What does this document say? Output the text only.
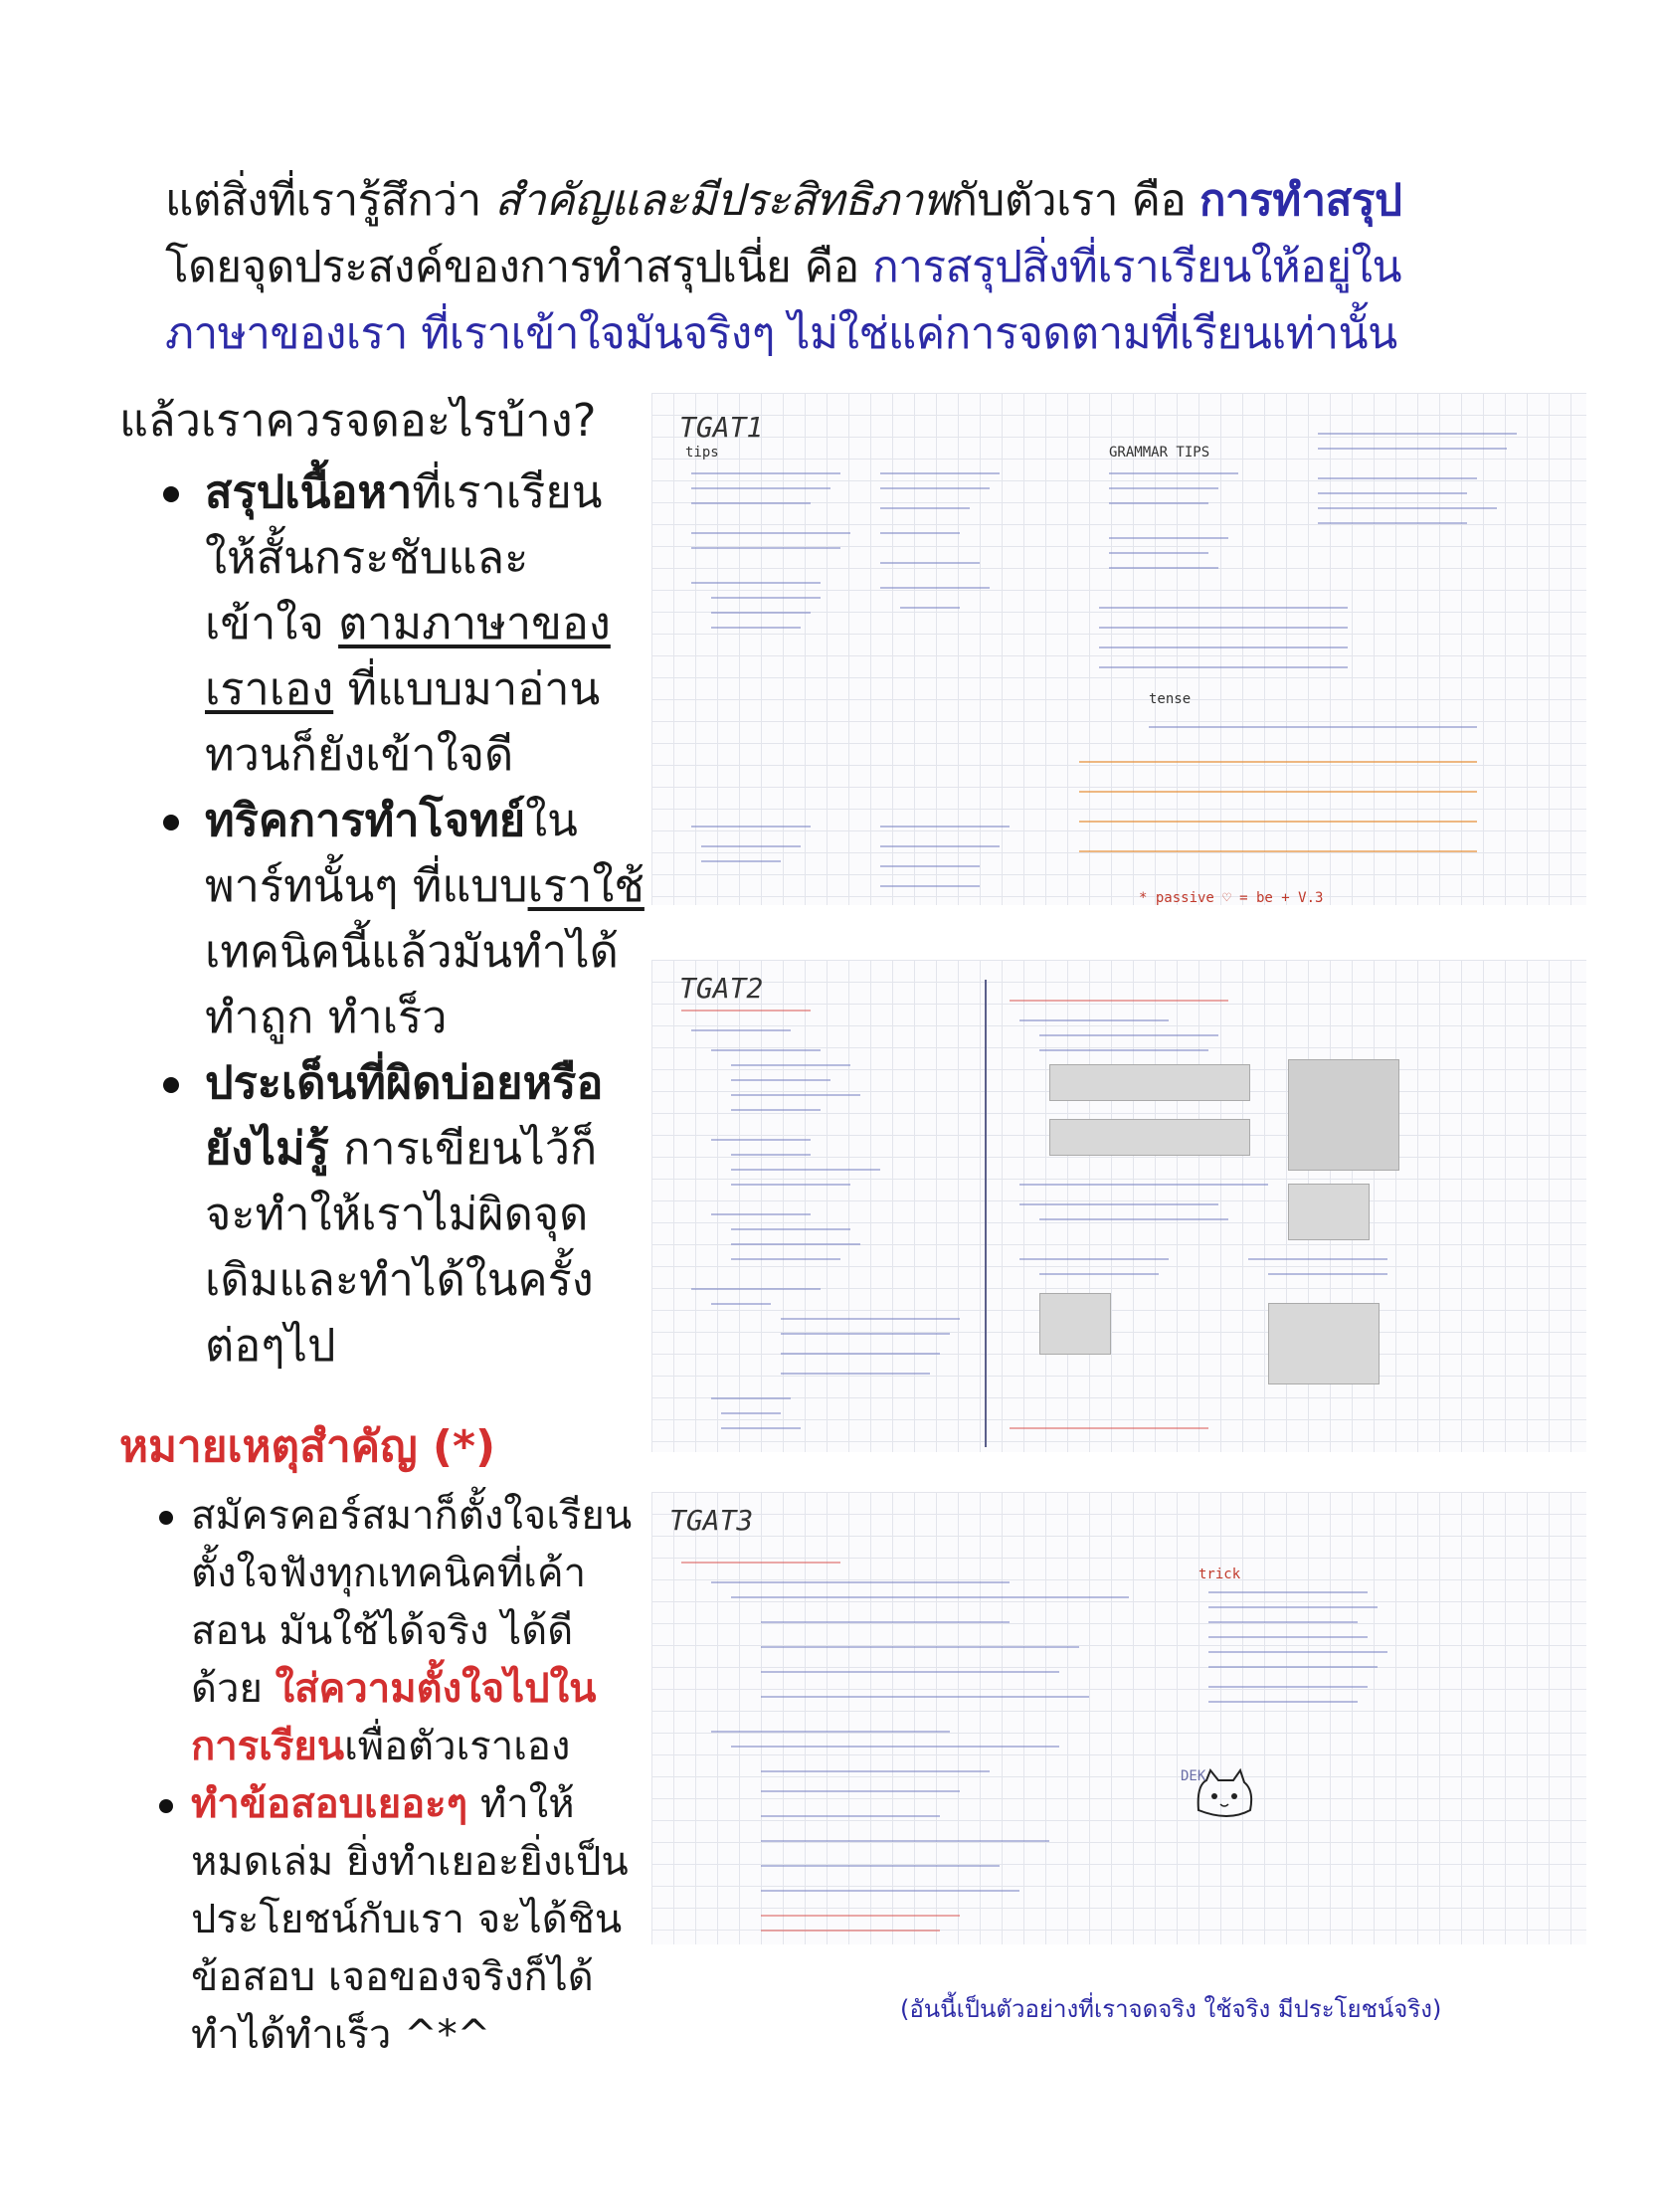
แต่สิ่งที่เรารู้สึกว่า สำคัญและมีประสิทธิภาพกับตัวเรา คือ การทำสรุป
โดยจุดประสงค์ของการทำสรุปเนี่ย คือ การสรุปสิ่งที่เราเรียนให้อยู่ใน
ภาษาของเรา ที่เราเข้าใจมันจริงๆ ไม่ใช่แค่การจดตามที่เรียนเท่านั้น
แล้วเราควรจดอะไรบ้าง?
สรุปเนื้อหาที่เราเรียนให้สั้นกระชับและเข้าใจ ตามภาษาของเราเอง ที่แบบมาอ่านทวนก็ยังเข้าใจดี
ทริคการทำโจทย์ในพาร์ทนั้นๆ ที่แบบเราใช้เทคนิคนี้แล้วมันทำได้ ทำถูก ทำเร็ว
ประเด็นที่ผิดบ่อยหรือยังไม่รู้ การเขียนไว้ก็จะทำให้เราไม่ผิดจุดเดิมและทำได้ในครั้งต่อๆไป
หมายเหตุสำคัญ (*)
สมัครคอร์สมาก็ตั้งใจเรียน ตั้งใจฟังทุกเทคนิคที่เค้าสอน มันใช้ได้จริง ได้ดีด้วย ใส่ความตั้งใจไปในการเรียนเพื่อตัวเราเอง
ทำข้อสอบเยอะๆ ทำให้หมดเล่ม ยิ่งทำเยอะยิ่งเป็นประโยชน์กับเรา จะได้ชินข้อสอบ เจอของจริงก็ได้ทำได้ทำเร็ว ^*^
TGAT1
tips	GRAMMAR TIPS
tense
* passive ♡ = be + V.3
TGAT2
TGAT3
trick
DEK
(อันนี้เป็นตัวอย่างที่เราจดจริง ใช้จริง มีประโยชน์จริง)
